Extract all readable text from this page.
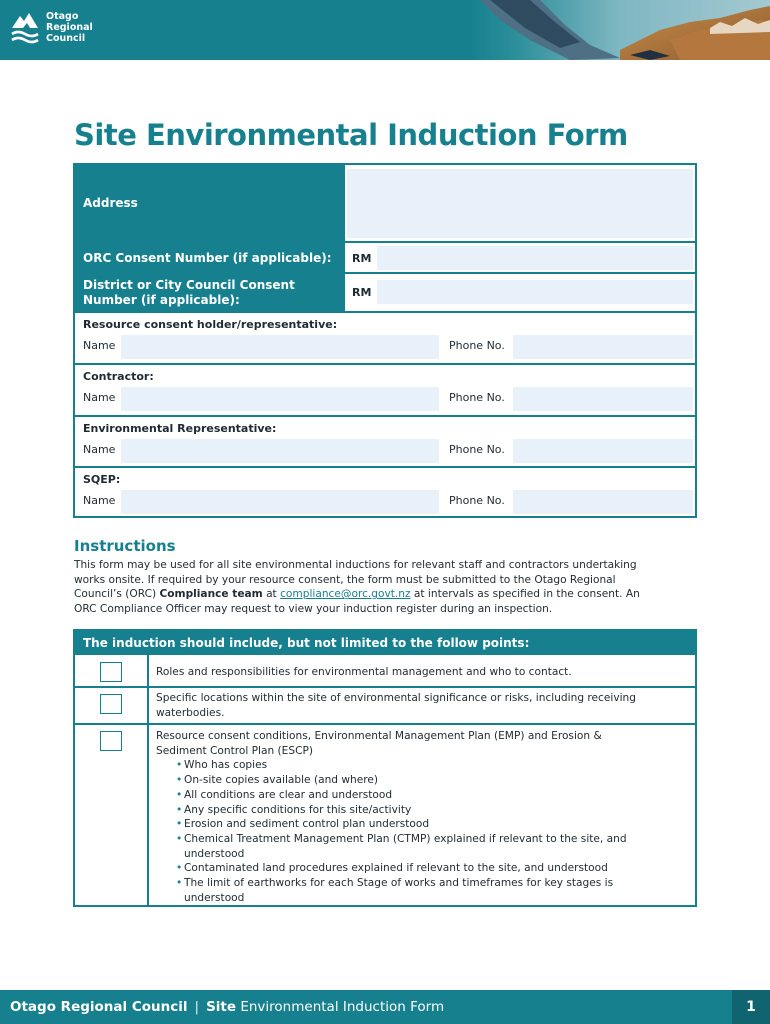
Otago
Regional
Council
Site Environmental Induction Form
Address
ORC Consent Number (if applicable):	RM
District or City Council Consent
Number (if applicable):
RM
Resource consent holder/representative:
Name	Phone No.
Contractor:
Name	Phone No.
Environmental Representative:
Name	Phone No.
SQEP:
Name	Phone No.
Instructions
This form may be used for all site environmental inductions for relevant staff and contractors undertaking
works onsite. If required by your resource consent, the form must be submitted to the Otago Regional
Council’s (ORC) Compliance team at compliance@orc.govt.nz at intervals as specified in the consent. An
ORC Compliance Officer may request to view your induction register during an inspection.
The induction should include, but not limited to the follow points:
Roles and responsibilities for environmental management and who to contact.
Specific locations within the site of environmental significance or risks, including receiving
waterbodies.
Resource consent conditions, Environmental Management Plan (EMP) and Erosion &
Sediment Control Plan (ESCP)
• Who has copies
• On-site copies available (and where)
• All conditions are clear and understood
• Any specific conditions for this site/activity
• Erosion and sediment control plan understood
• Chemical Treatment Management Plan (CTMP) explained if relevant to the site, and
understood
• Contaminated land procedures explained if relevant to the site, and understood
• The limit of earthworks for each Stage of works and timeframes for key stages is
understood
Otago Regional Council | Site Environmental Induction Form	1
